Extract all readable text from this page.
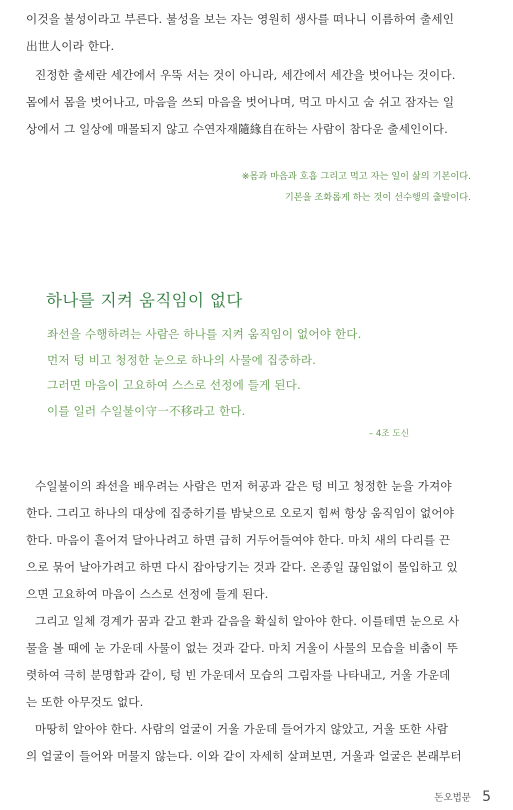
이것을 불성이라고 부른다. 불성을 보는 자는 영원히 생사를 떠나니 이름하여 출세인
出世人이라 한다.
진정한 출세란 세간에서 우뚝 서는 것이 아니라, 세간에서 세간을 벗어나는 것이다.
몸에서 몸을 벗어나고, 마음을 쓰되 마음을 벗어나며, 먹고 마시고 숨 쉬고 잠자는 일
상에서 그 일상에 매몰되지 않고 수연자재隨緣自在하는 사람이 참다운 출세인이다.
※몸과 마음과 호흡 그리고 먹고 자는 일이 삶의 기본이다.
기본을 조화롭게 하는 것이 선수행의 출발이다.
하나를 지켜 움직임이 없다
좌선을 수행하려는 사람은 하나를 지켜 움직임이 없어야 한다.
먼저 텅 비고 청정한 눈으로 하나의 사물에 집중하라.
그러면 마음이 고요하여 스스로 선정에 들게 된다.
이를 일러 수일불이守一不移라고 한다.
– 4조 도신
수일불이의 좌선을 배우려는 사람은 먼저 허공과 같은 텅 비고 청정한 눈을 가져야
한다. 그리고 하나의 대상에 집중하기를 밤낮으로 오로지 힘써 항상 움직임이 없어야
한다. 마음이 흩어져 달아나려고 하면 급히 거두어들여야 한다. 마치 새의 다리를 끈
으로 묶어 날아가려고 하면 다시 잡아당기는 것과 같다. 온종일 끊임없이 몰입하고 있
으면 고요하여 마음이 스스로 선정에 들게 된다.
그리고 일체 경계가 꿈과 같고 환과 같음을 확실히 알아야 한다. 이를테면 눈으로 사
물을 볼 때에 눈 가운데 사물이 없는 것과 같다. 마치 거울이 사물의 모습을 비춤이 뚜
렷하여 극히 분명함과 같이, 텅 빈 가운데서 모습의 그림자를 나타내고, 거울 가운데
는 또한 아무것도 없다.
마땅히 알아야 한다. 사람의 얼굴이 거울 가운데 들어가지 않았고, 거울 또한 사람
의 얼굴이 들어와 머물지 않는다. 이와 같이 자세히 살펴보면, 거울과 얼굴은 본래부터
돈오법문 5
